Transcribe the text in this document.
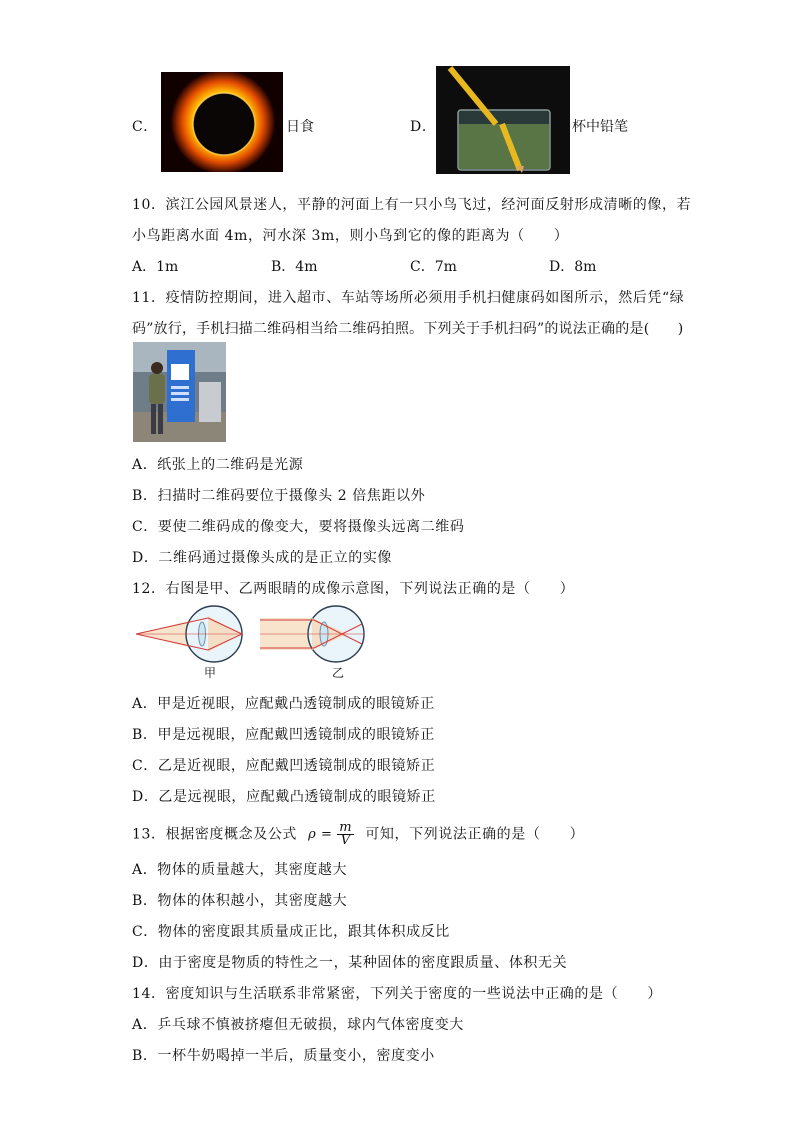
C．	日食	D．	杯中铅笔
10．滨江公园风景迷人，平静的河面上有一只小鸟飞过，经河面反射形成清晰的像，若
小鸟距离水面 4m，河水深 3m，则小鸟到它的像的距离为（　　）
A．1m	B．4m	C．7m	D．8m
11．疫情防控期间，进入超市、车站等场所必须用手机扫健康码如图所示，然后凭“绿
码”放行，手机扫描二维码相当给二维码拍照。下列关于手机扫码”的说法正确的是(　　)
A．纸张上的二维码是光源
B．扫描时二维码要位于摄像头 2 倍焦距以外
C．要使二维码成的像变大，要将摄像头远离二维码
D．二维码通过摄像头成的是正立的实像
12．右图是甲、乙两眼睛的成像示意图，下列说法正确的是（　　）
甲	乙
A．甲是近视眼，应配戴凸透镜制成的眼镜矫正
B．甲是远视眼，应配戴凹透镜制成的眼镜矫正
C．乙是近视眼，应配戴凹透镜制成的眼镜矫正
D．乙是远视眼，应配戴凸透镜制成的眼镜矫正
13．根据密度概念及公式 $\rho = \frac{m}{V}$ 可知，下列说法正确的是（　　）
A．物体的质量越大，其密度越大
B．物体的体积越小，其密度越大
C．物体的密度跟其质量成正比，跟其体积成反比
D．由于密度是物质的特性之一，某种固体的密度跟质量、体积无关
14．密度知识与生活联系非常紧密，下列关于密度的一些说法中正确的是（　　）
A．乒乓球不慎被挤瘪但无破损，球内气体密度变大
B．一杯牛奶喝掉一半后，质量变小，密度变小
